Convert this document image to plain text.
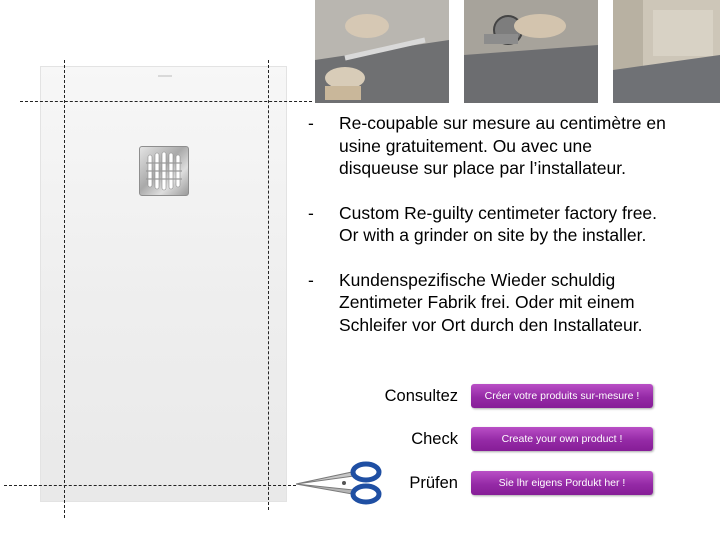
- Re-coupable sur mesure au centimètre en
usine gratuitement. Ou avec une
disqueuse sur place par l’installateur.
- Custom Re-guilty centimeter factory free.
Or with a grinder on site by the installer.
- Kundenspezifische Wieder schuldig
Zentimeter Fabrik frei. Oder mit einem
Schleifer vor Ort durch den Installateur.
Consultez	Créer votre produits sur-mesure !
Check	Create your own product !
Prüfen	Sie lhr eigens Pordukt her !
